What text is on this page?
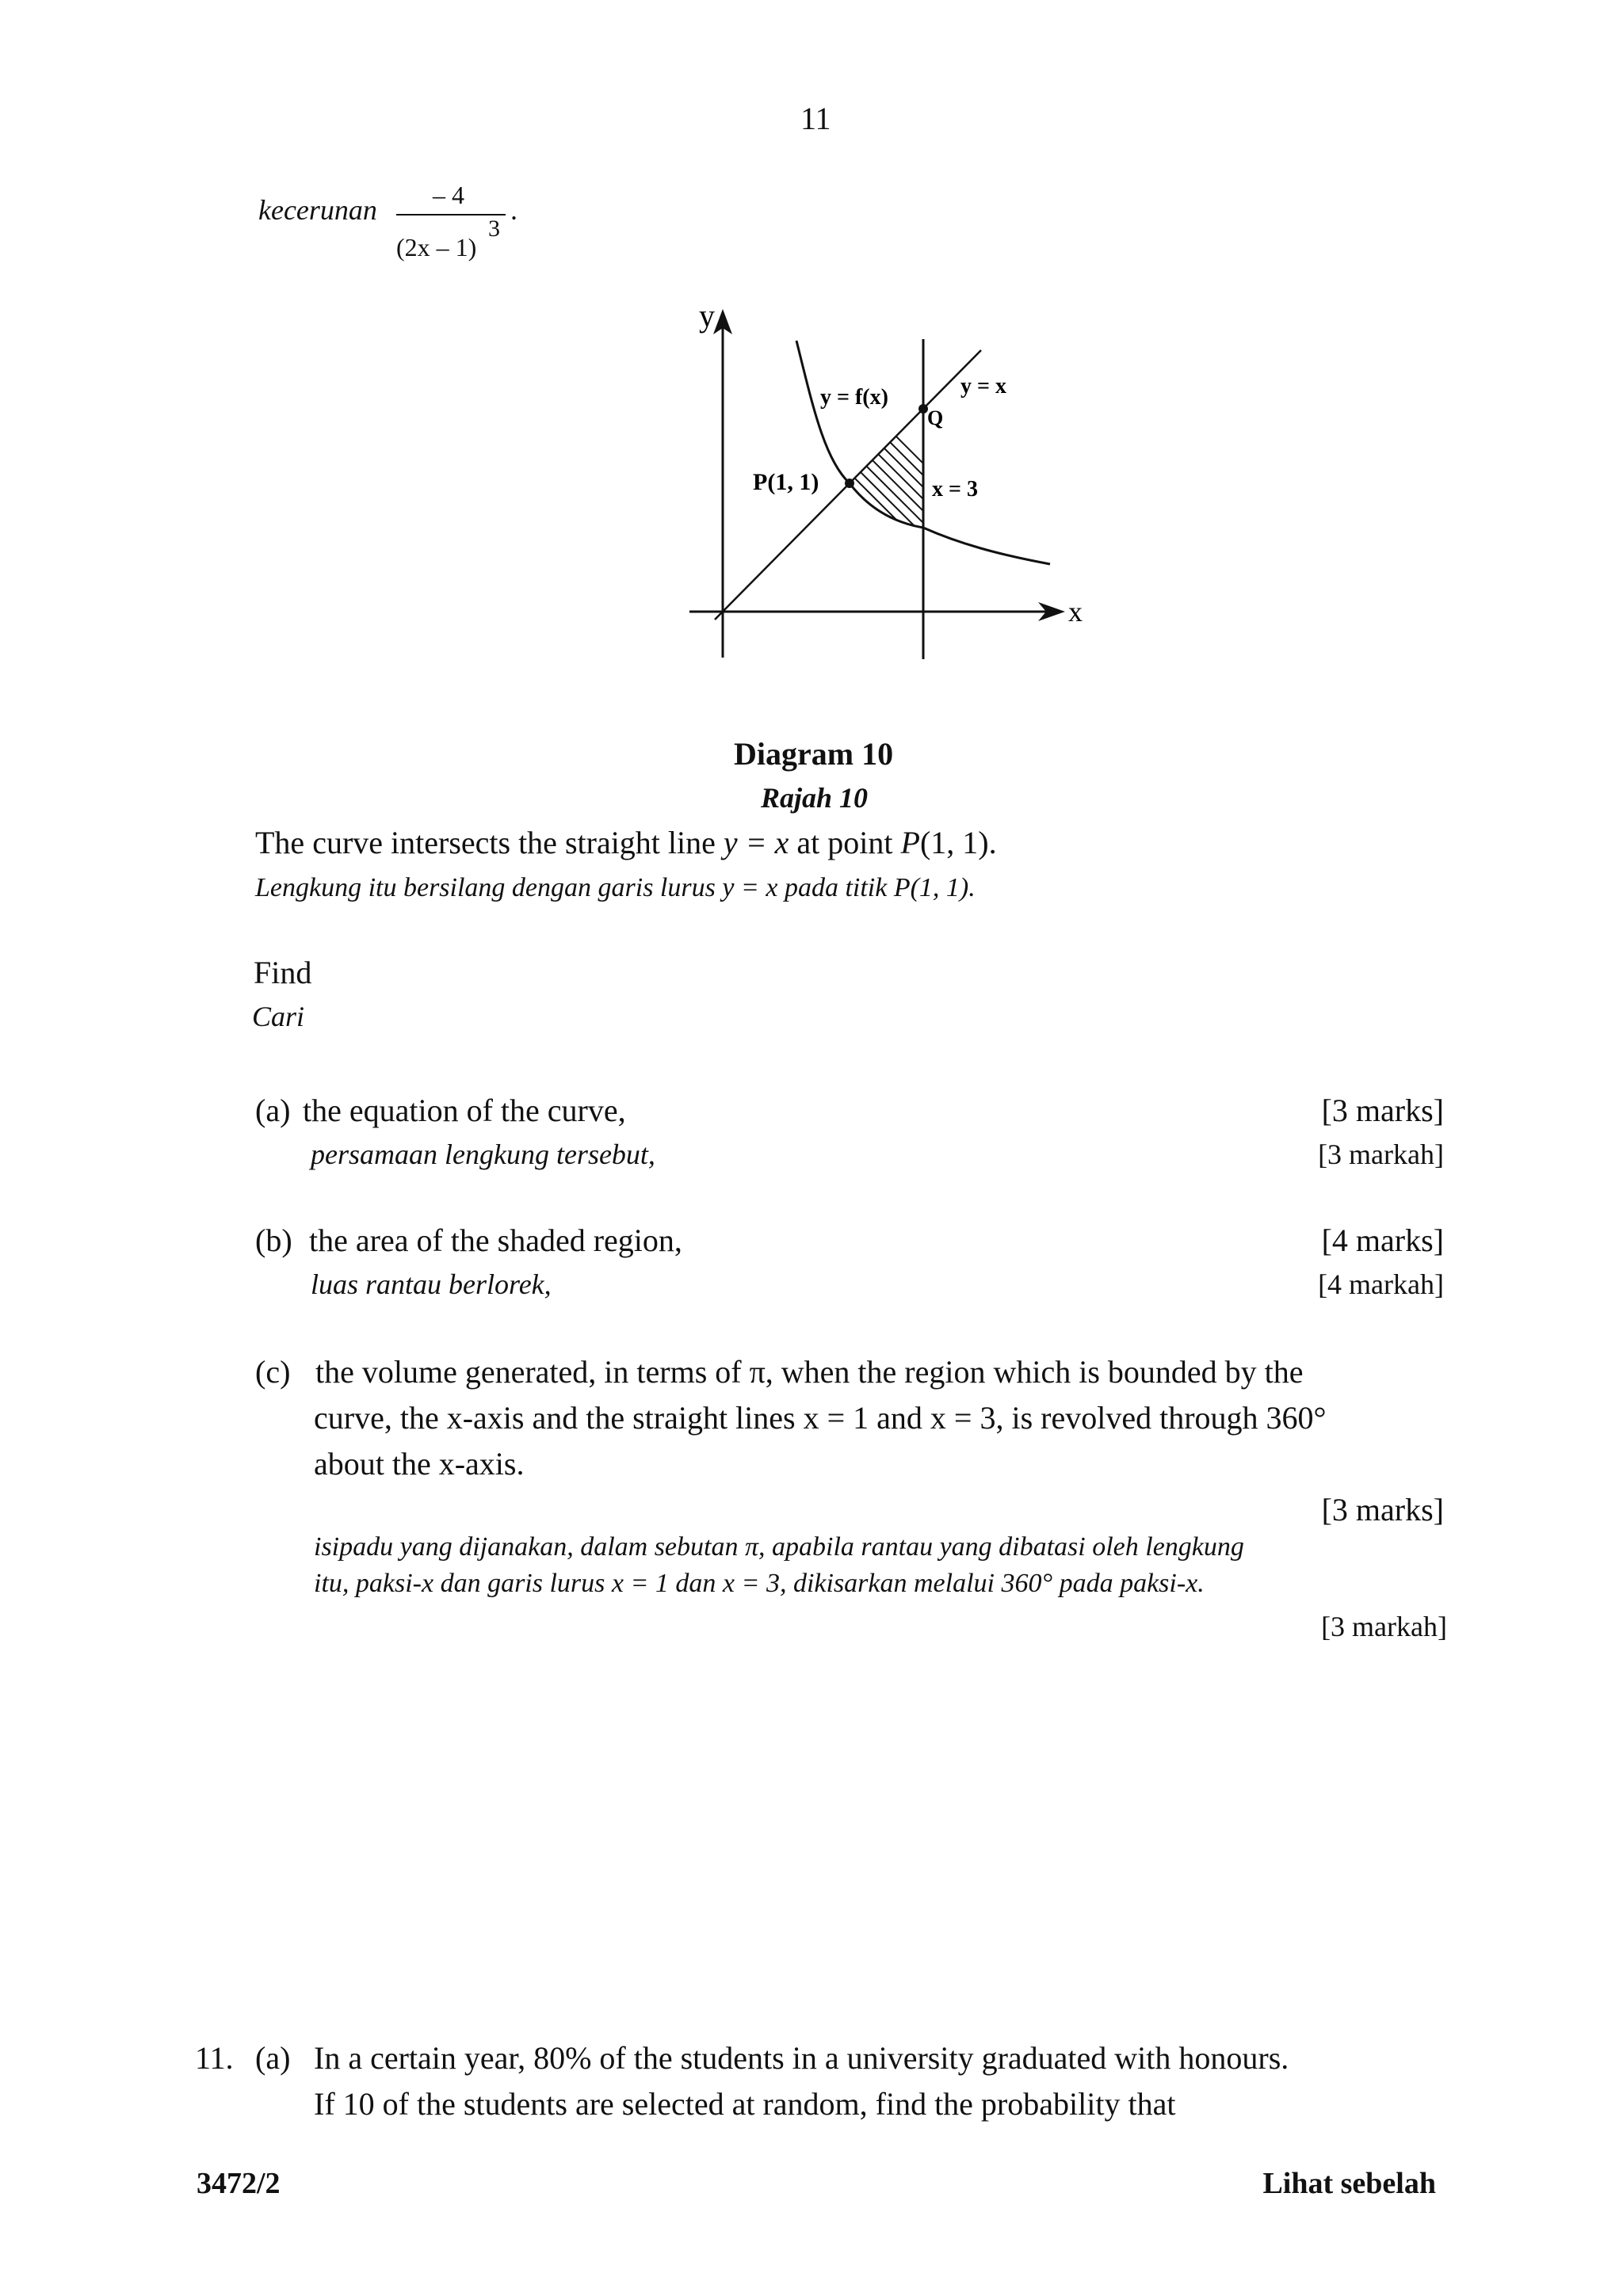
11
kecerunan – 4
(2x – 1)
3
.
y
x
y = f(x)	y = x
P(1, 1)
Q
x = 3
Diagram 10
Rajah 10
The curve intersects the straight line y = x at point P(1, 1).
Lengkung itu bersilang dengan garis lurus y = x pada titik P(1, 1).
Find
Cari
(a) the equation of the curve,
persamaan lengkung tersebut,
[3 marks]
[3 markah]
(b) the area of the shaded region,
luas rantau berlorek,
[4 marks]
[4 markah]
(c) the volume generated, in terms of π, when the region which is bounded by the
curve, the x-axis and the straight lines x = 1 and x = 3, is revolved through 360°
about the x-axis.
[3 marks]
isipadu yang dijanakan, dalam sebutan π, apabila rantau yang dibatasi oleh lengkung
itu, paksi-x dan garis lurus x = 1 dan x = 3, dikisarkan melalui 360° pada paksi-x.
[3 markah]
11. (a) In a certain year, 80% of the students in a university graduated with honours.
If 10 of the students are selected at random, find the probability that
3472/2	Lihat sebelah
